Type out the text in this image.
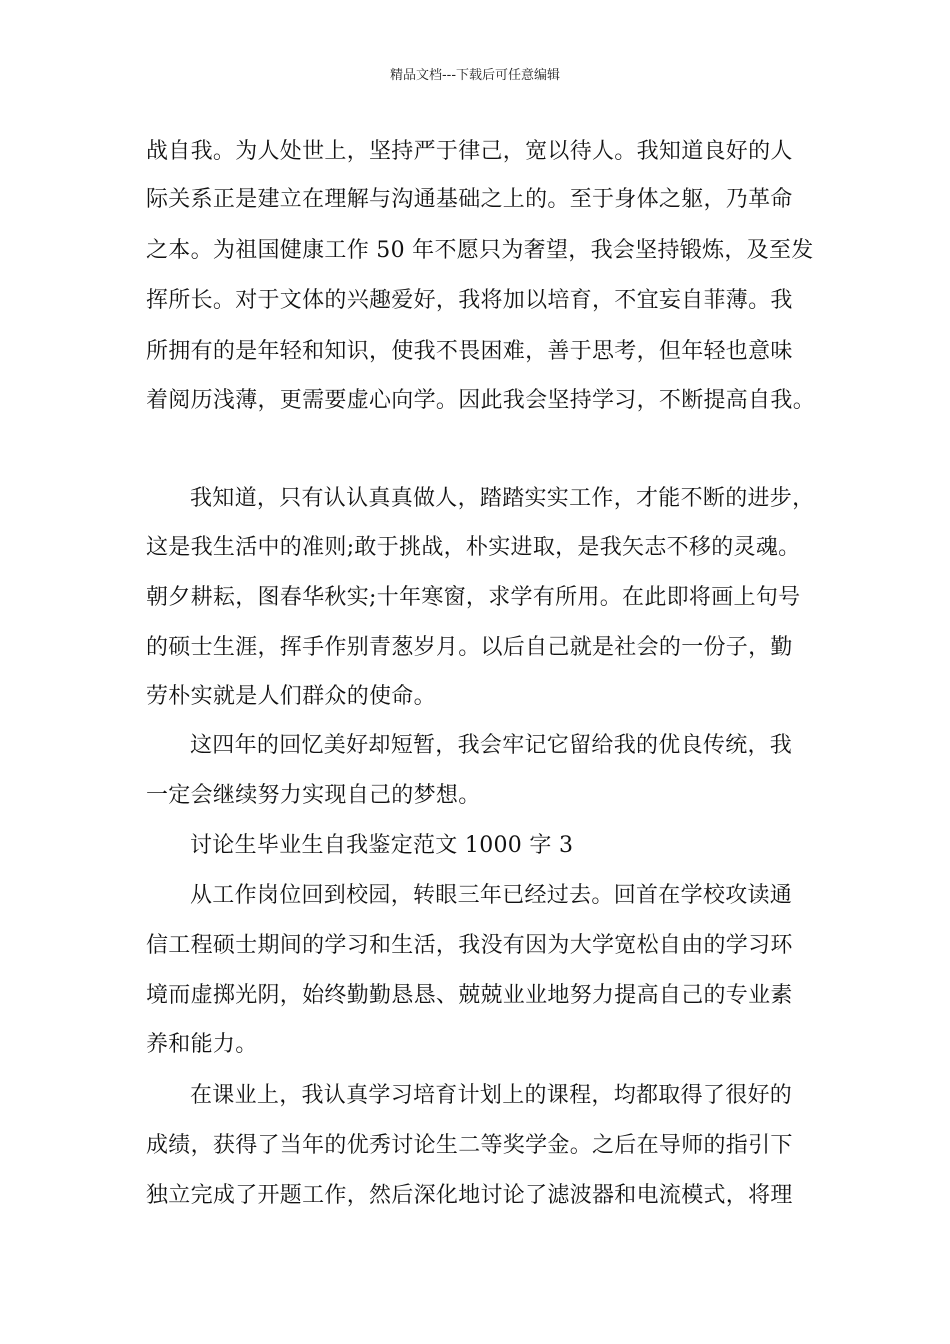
精品文档---下载后可任意编辑
战自我。为人处世上，坚持严于律己，宽以待人。我知道良好的人
际关系正是建立在理解与沟通基础之上的。至于身体之躯，乃革命
之本。为祖国健康工作 50 年不愿只为奢望，我会坚持锻炼，及至发
挥所长。对于文体的兴趣爱好，我将加以培育，不宜妄自菲薄。我
所拥有的是年轻和知识，使我不畏困难，善于思考，但年轻也意味
着阅历浅薄，更需要虚心向学。因此我会坚持学习，不断提高自我。
我知道，只有认认真真做人，踏踏实实工作，才能不断的进步，
这是我生活中的准则;敢于挑战，朴实进取，是我矢志不移的灵魂。
朝夕耕耘，图春华秋实;十年寒窗，求学有所用。在此即将画上句号
的硕士生涯，挥手作别青葱岁月。以后自己就是社会的一份子，勤
劳朴实就是人们群众的使命。
这四年的回忆美好却短暂，我会牢记它留给我的优良传统，我
一定会继续努力实现自己的梦想。
讨论生毕业生自我鉴定范文 1000 字 3
从工作岗位回到校园，转眼三年已经过去。回首在学校攻读通
信工程硕士期间的学习和生活，我没有因为大学宽松自由的学习环
境而虚掷光阴，始终勤勤恳恳、兢兢业业地努力提高自己的专业素
养和能力。
在课业上，我认真学习培育计划上的课程，均都取得了很好的
成绩，获得了当年的优秀讨论生二等奖学金。之后在导师的指引下
独立完成了开题工作，然后深化地讨论了滤波器和电流模式，将理
